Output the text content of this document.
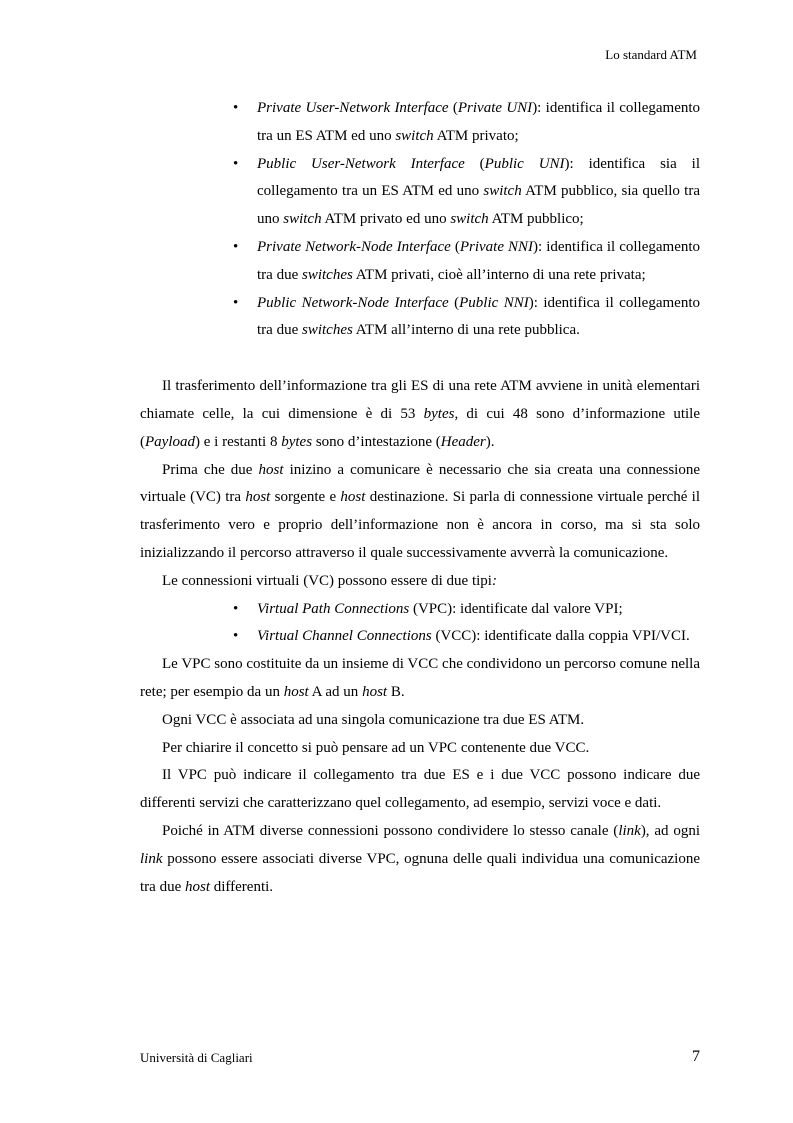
Lo standard ATM
• Private User-Network Interface (Private UNI): identifica il collegamento tra un ES ATM ed uno switch ATM privato;
• Public User-Network Interface (Public UNI): identifica sia il collegamento tra un ES ATM ed uno switch ATM pubblico, sia quello tra uno switch ATM privato ed uno switch ATM pubblico;
• Private Network-Node Interface (Private NNI): identifica il collegamento tra due switches ATM privati, cioè all’interno di una rete privata;
• Public Network-Node Interface (Public NNI): identifica il collegamento tra due switches ATM all’interno di una rete pubblica.

Il trasferimento dell’informazione tra gli ES di una rete ATM avviene in unità elementari chiamate celle, la cui dimensione è di 53 bytes, di cui 48 sono d’informazione utile (Payload) e i restanti 8 bytes sono d’intestazione (Header).

Prima che due host inizino a comunicare è necessario che sia creata una connessione virtuale (VC) tra host sorgente e host destinazione. Si parla di connessione virtuale perché il trasferimento vero e proprio dell’informazione non è ancora in corso, ma si sta solo inizializzando il percorso attraverso il quale successivamente avverrà la comunicazione.

Le connessioni virtuali (VC) possono essere di due tipi:

• Virtual Path Connections (VPC): identificate dal valore VPI;
• Virtual Channel Connections (VCC): identificate dalla coppia VPI/VCI.

Le VPC sono costituite da un insieme di VCC che condividono un percorso comune nella rete; per esempio da un host A ad un host B.

Ogni VCC è associata ad una singola comunicazione tra due ES ATM.

Per chiarire il concetto si può pensare ad un VPC contenente due VCC.

Il VPC può indicare il collegamento tra due ES e i due VCC possono indicare due differenti servizi che caratterizzano quel collegamento, ad esempio, servizi voce e dati.

Poiché in ATM diverse connessioni possono condividere lo stesso canale (link), ad ogni link possono essere associati diverse VPC, ognuna delle quali individua una comunicazione tra due host differenti.

Università di Cagliari	7
